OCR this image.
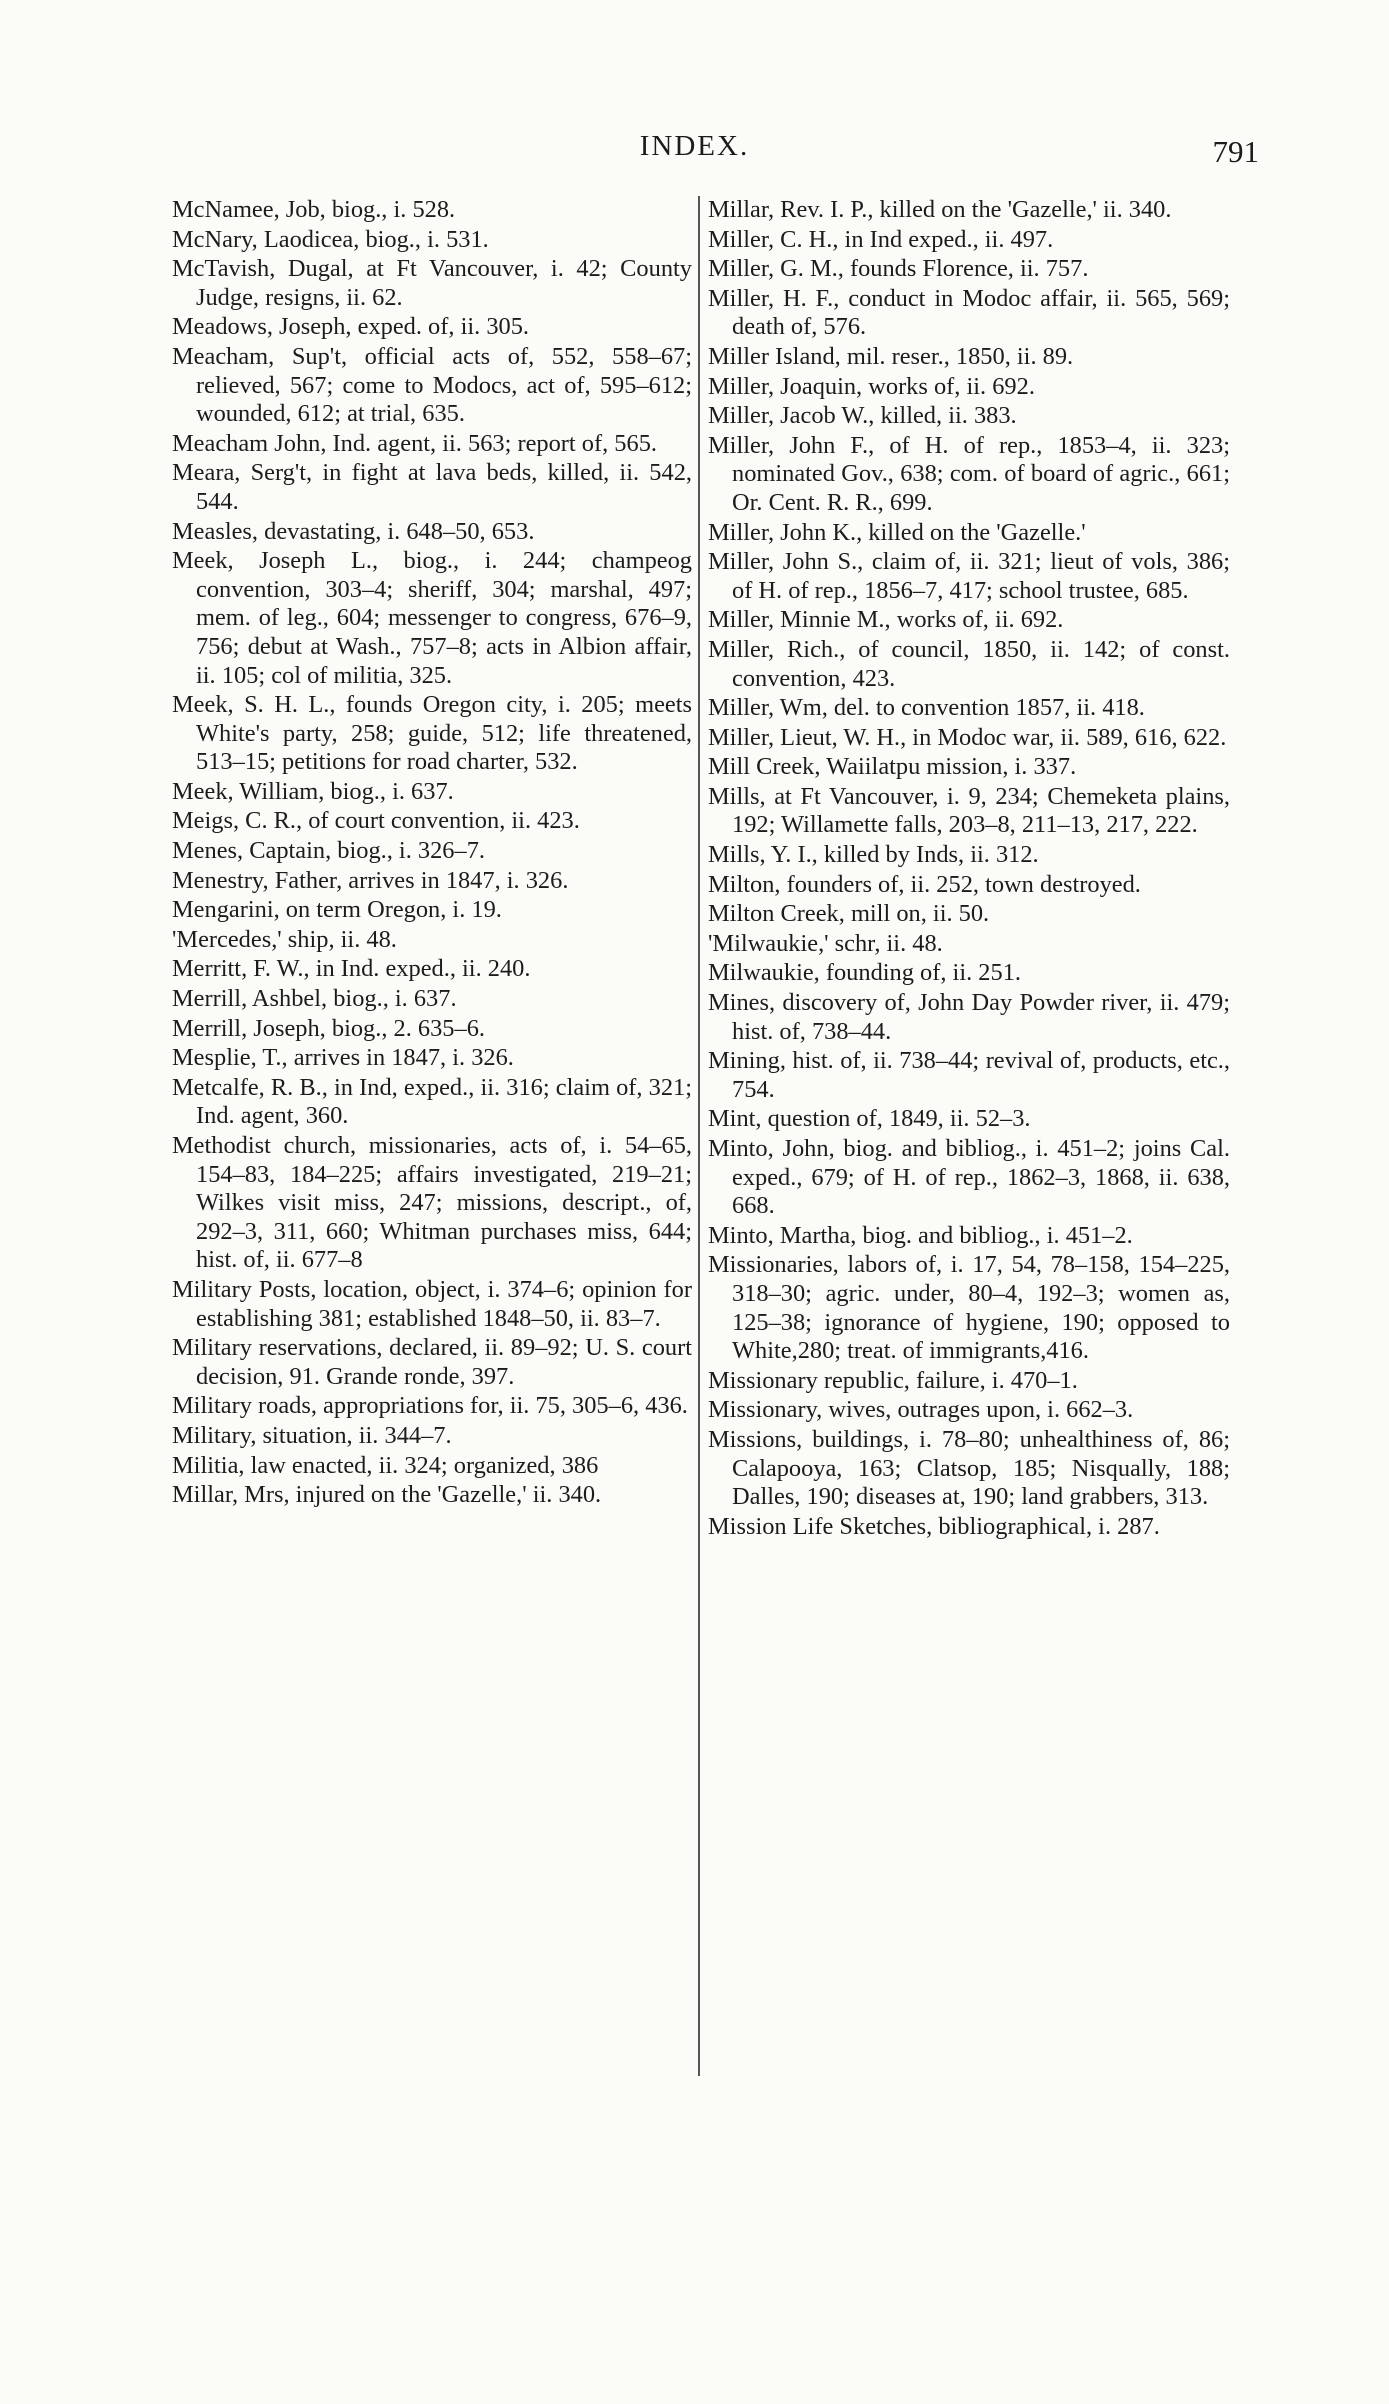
INDEX.	791

McNamee, Job, biog., i. 528.

McNary, Laodicea, biog., i. 531.

McTavish, Dugal, at Ft Vancouver, i. 42; County Judge, resigns, ii. 62.

Meadows, Joseph, exped. of, ii. 305.

Meacham, Sup't, official acts of, 552, 558–67; relieved, 567; come to Modocs, act of, 595–612; wounded, 612; at trial, 635.

Meacham John, Ind. agent, ii. 563; report of, 565.

Meara, Serg't, in fight at lava beds, killed, ii. 542, 544.

Measles, devastating, i. 648–50, 653.

Meek, Joseph L., biog., i. 244; champeog convention, 303–4; sheriff, 304; marshal, 497; mem. of leg., 604; messenger to congress, 676–9, 756; debut at Wash., 757–8; acts in Albion affair, ii. 105; col of militia, 325.

Meek, S. H. L., founds Oregon city, i. 205; meets White's party, 258; guide, 512; life threatened, 513–15; petitions for road charter, 532.

Meek, William, biog., i. 637.

Meigs, C. R., of court convention, ii. 423.

Menes, Captain, biog., i. 326–7.

Menestry, Father, arrives in 1847, i. 326.

Mengarini, on term Oregon, i. 19.

'Mercedes,' ship, ii. 48.

Merritt, F. W., in Ind. exped., ii. 240.

Merrill, Ashbel, biog., i. 637.

Merrill, Joseph, biog., 2. 635–6.

Mesplie, T., arrives in 1847, i. 326.

Metcalfe, R. B., in Ind, exped., ii. 316; claim of, 321; Ind. agent, 360.

Methodist church, missionaries, acts of, i. 54–65, 154–83, 184–225; affairs investigated, 219–21; Wilkes visit miss, 247; missions, descript., of, 292–3, 311, 660; Whitman purchases miss, 644; hist. of, ii. 677–8

Military Posts, location, object, i. 374–6; opinion for establishing 381; established 1848–50, ii. 83–7.

Military reservations, declared, ii. 89–92; U. S. court decision, 91. Grande ronde, 397.

Military roads, appropriations for, ii. 75, 305–6, 436.

Military, situation, ii. 344–7.

Militia, law enacted, ii. 324; organized, 386

Millar, Mrs, injured on the 'Gazelle,' ii. 340.

Millar, Rev. I. P., killed on the 'Gazelle,' ii. 340.

Miller, C. H., in Ind exped., ii. 497.

Miller, G. M., founds Florence, ii. 757.

Miller, H. F., conduct in Modoc affair, ii. 565, 569; death of, 576.

Miller Island, mil. reser., 1850, ii. 89.

Miller, Joaquin, works of, ii. 692.

Miller, Jacob W., killed, ii. 383.

Miller, John F., of H. of rep., 1853–4, ii. 323; nominated Gov., 638; com. of board of agric., 661; Or. Cent. R. R., 699.

Miller, John K., killed on the 'Gazelle.'

Miller, John S., claim of, ii. 321; lieut of vols, 386; of H. of rep., 1856–7, 417; school trustee, 685.

Miller, Minnie M., works of, ii. 692.

Miller, Rich., of council, 1850, ii. 142; of const. convention, 423.

Miller, Wm, del. to convention 1857, ii. 418.

Miller, Lieut, W. H., in Modoc war, ii. 589, 616, 622.

Mill Creek, Waiilatpu mission, i. 337.

Mills, at Ft Vancouver, i. 9, 234; Chemeketa plains, 192; Willamette falls, 203–8, 211–13, 217, 222.

Mills, Y. I., killed by Inds, ii. 312.

Milton, founders of, ii. 252, town destroyed.

Milton Creek, mill on, ii. 50.

'Milwaukie,' schr, ii. 48.

Milwaukie, founding of, ii. 251.

Mines, discovery of, John Day Powder river, ii. 479; hist. of, 738–44.

Mining, hist. of, ii. 738–44; revival of, products, etc., 754.

Mint, question of, 1849, ii. 52–3.

Minto, John, biog. and bibliog., i. 451–2; joins Cal. exped., 679; of H. of rep., 1862–3, 1868, ii. 638, 668.

Minto, Martha, biog. and bibliog., i. 451–2.

Missionaries, labors of, i. 17, 54, 78–158, 154–225, 318–30; agric. under, 80–4, 192–3; women as, 125–38; ignorance of hygiene, 190; opposed to White,280; treat. of immigrants,416.

Missionary republic, failure, i. 470–1.

Missionary, wives, outrages upon, i. 662–3.

Missions, buildings, i. 78–80; unhealthiness of, 86; Calapooya, 163; Clatsop, 185; Nisqually, 188; Dalles, 190; diseases at, 190; land grabbers, 313.

Mission Life Sketches, bibliographical, i. 287.
